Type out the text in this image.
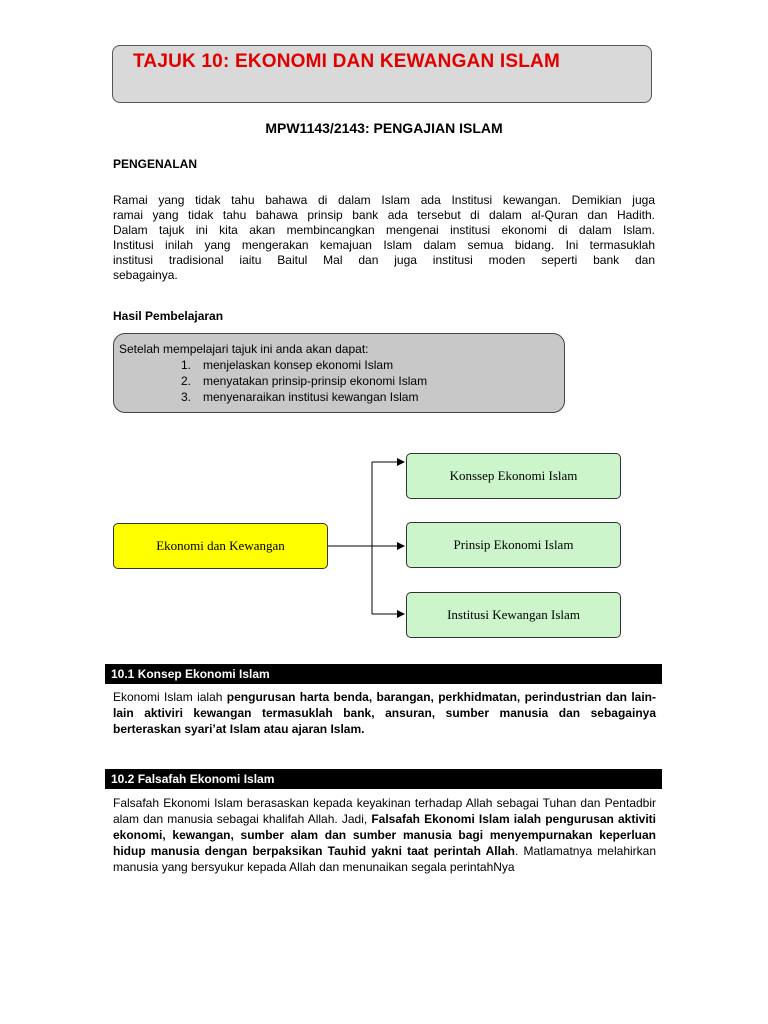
TAJUK 10: EKONOMI DAN KEWANGAN ISLAM
MPW1143/2143: PENGAJIAN ISLAM
PENGENALAN
Ramai yang tidak tahu bahawa di dalam Islam ada Institusi kewangan. Demikian juga
ramai yang tidak tahu bahawa prinsip bank ada tersebut di dalam al-Quran dan Hadith.
Dalam tajuk ini kita akan membincangkan mengenai institusi ekonomi di dalam Islam.
Institusi inilah yang mengerakan kemajuan Islam dalam semua bidang. Ini termasuklah
institusi tradisional iaitu Baitul Mal dan juga institusi moden seperti bank dan
sebagainya.
Hasil Pembelajaran
Setelah mempelajari tajuk ini anda akan dapat:
1. menjelaskan konsep ekonomi Islam
2. menyatakan prinsip-prinsip ekonomi Islam
3. menyenaraikan institusi kewangan Islam
Ekonomi dan Kewangan
Konssep Ekonomi Islam
Prinsip Ekonomi Islam
Institusi Kewangan Islam
10.1 Konsep Ekonomi Islam

Ekonomi Islam ialah pengurusan harta benda, barangan, perkhidmatan, perindustrian dan lain-lain aktiviri kewangan termasuklah bank, ansuran, sumber manusia dan sebagainya berteraskan syari’at Islam atau ajaran Islam.

10.2 Falsafah Ekonomi Islam

Falsafah Ekonomi Islam berasaskan kepada keyakinan terhadap Allah sebagai Tuhan dan Pentadbir alam dan manusia sebagai khalifah Allah. Jadi, Falsafah Ekonomi Islam ialah pengurusan aktiviti ekonomi, kewangan, sumber alam dan sumber manusia bagi menyempurnakan keperluan hidup manusia dengan berpaksikan Tauhid yakni taat perintah Allah. Matlamatnya melahirkan manusia yang bersyukur kepada Allah dan menunaikan segala perintahNya
